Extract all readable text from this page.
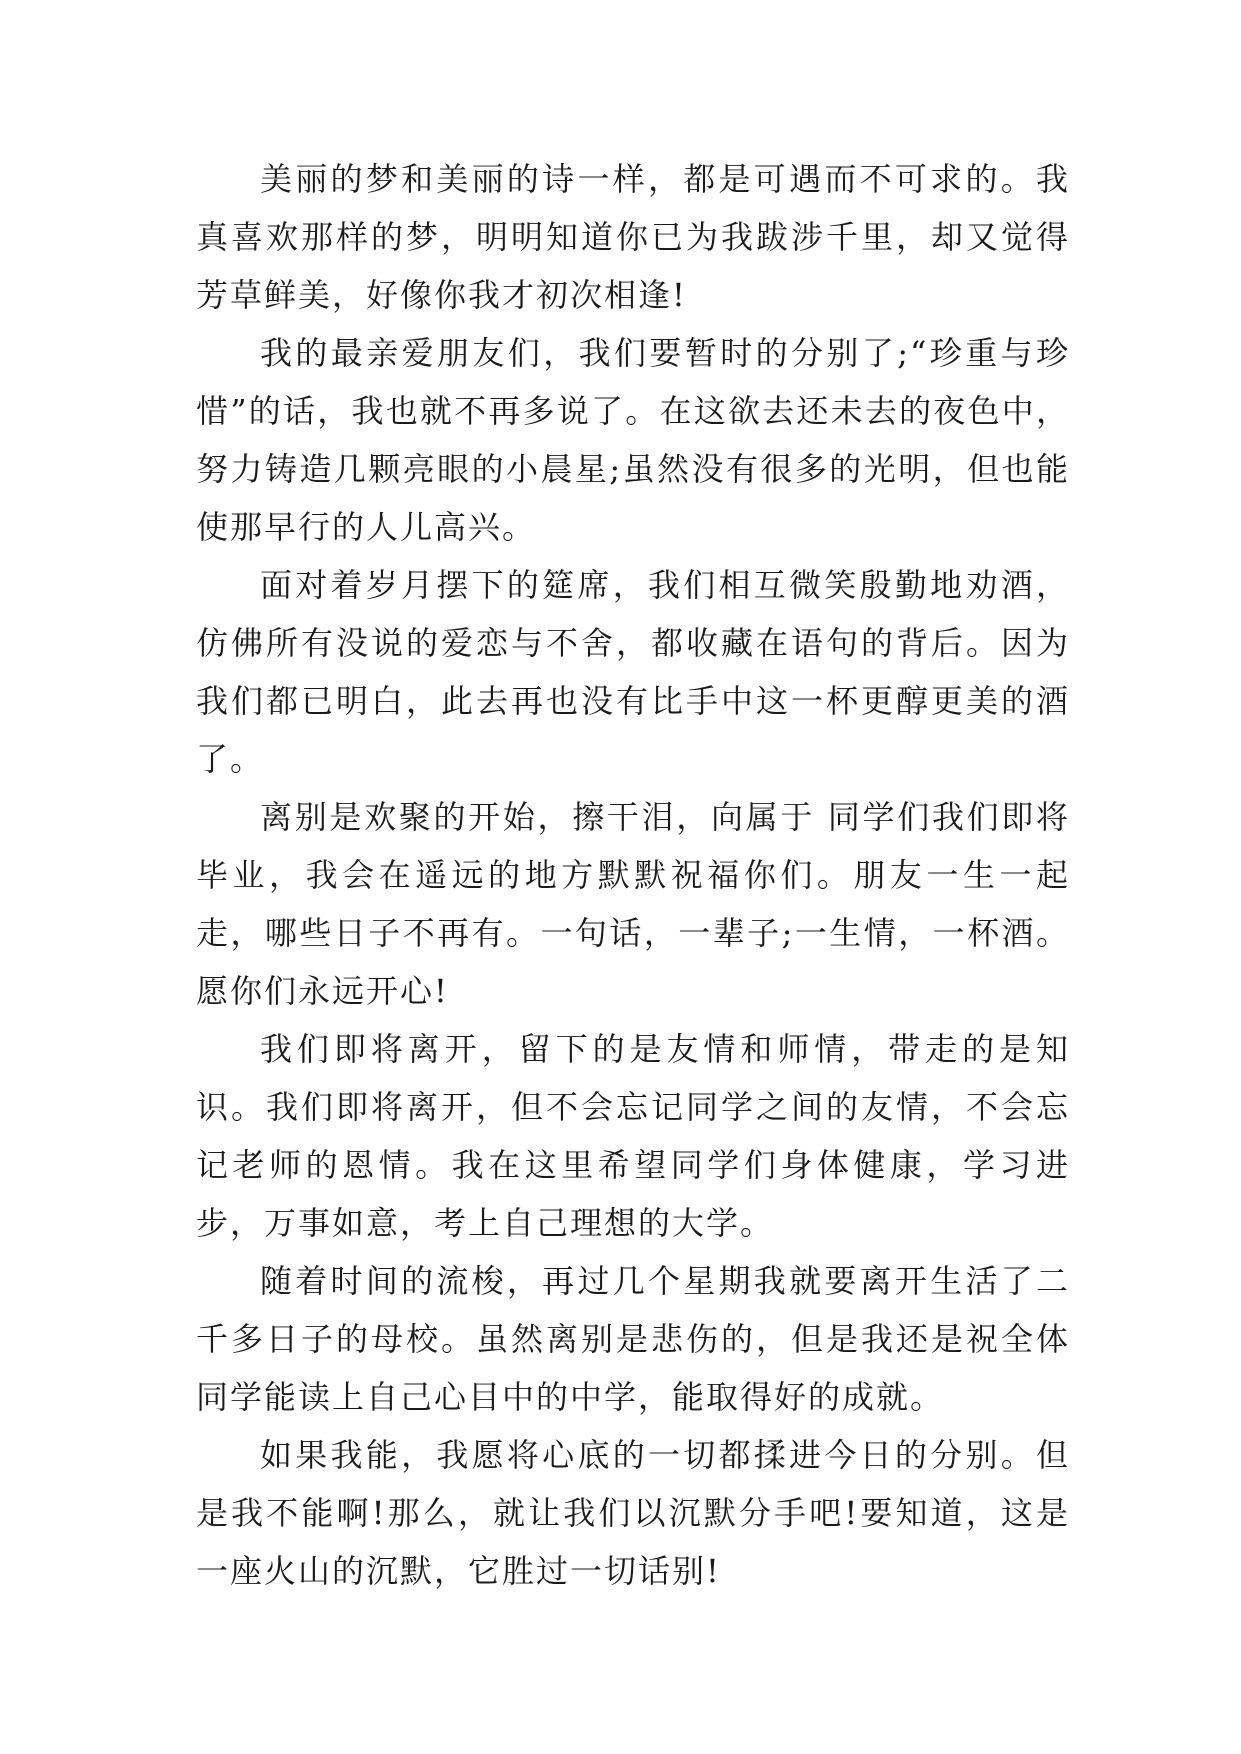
美丽的梦和美丽的诗一样，都是可遇而不可求的。我真喜欢那样的梦，明明知道你已为我跋涉千里，却又觉得芳草鲜美，好像你我才初次相逢!

我的最亲爱朋友们，我们要暂时的分别了;“珍重与珍惜”的话，我也就不再多说了。在这欲去还未去的夜色中，努力铸造几颗亮眼的小晨星;虽然没有很多的光明，但也能使那早行的人儿高兴。

面对着岁月摆下的筵席，我们相互微笑殷勤地劝酒，仿佛所有没说的爱恋与不舍，都收藏在语句的背后。因为我们都已明白，此去再也没有比手中这一杯更醇更美的酒了。

离别是欢聚的开始，擦干泪，向属于 同学们我们即将毕业，我会在遥远的地方默默祝福你们。朋友一生一起走，哪些日子不再有。一句话，一辈子;一生情，一杯酒。愿你们永远开心!

我们即将离开，留下的是友情和师情，带走的是知识。我们即将离开，但不会忘记同学之间的友情，不会忘记老师的恩情。我在这里希望同学们身体健康，学习进步，万事如意，考上自己理想的大学。

随着时间的流梭，再过几个星期我就要离开生活了二千多日子的母校。虽然离别是悲伤的，但是我还是祝全体同学能读上自己心目中的中学，能取得好的成就。

如果我能，我愿将心底的一切都揉进今日的分别。但是我不能啊!那么，就让我们以沉默分手吧!要知道，这是一座火山的沉默，它胜过一切话别!
